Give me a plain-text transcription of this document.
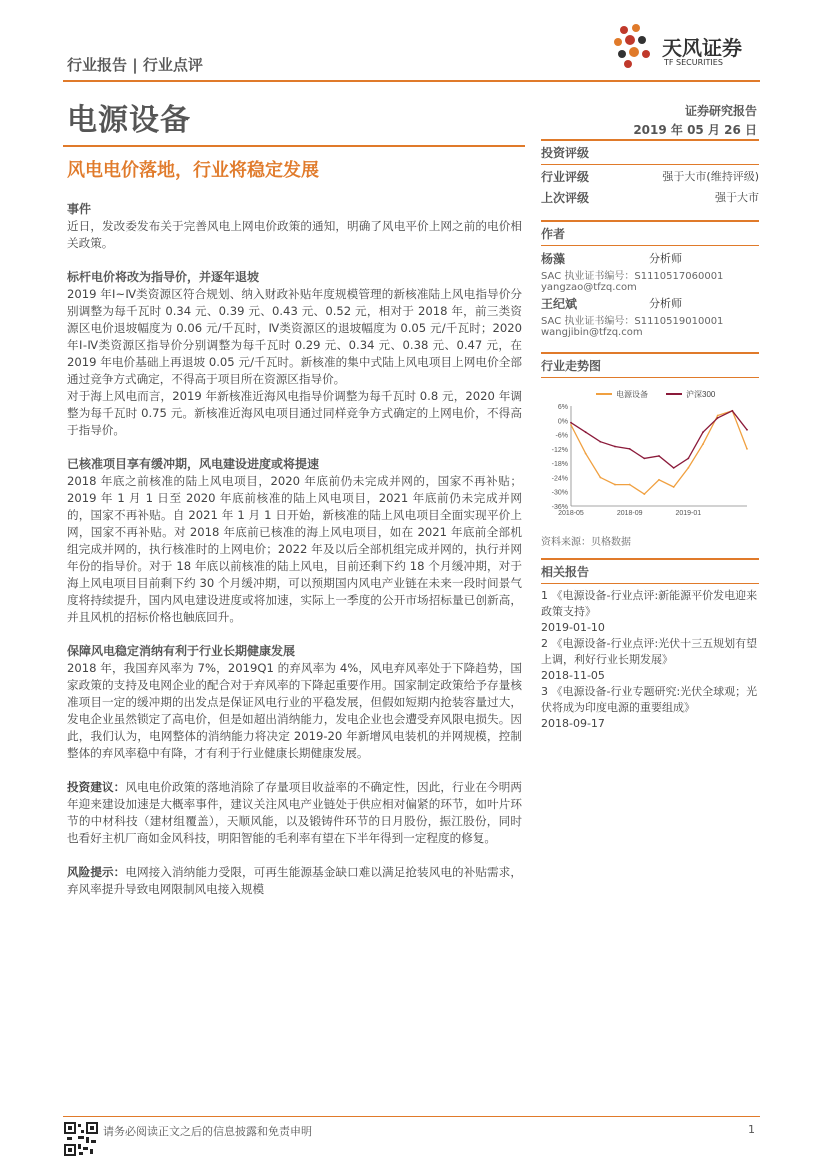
行业报告 | 行业点评
天风证券
TF SECURITIES
电源设备	证券研究报告
2019 年 05 月 26 日
风电电价落地，行业将稳定发展
事件

近日，发改委发布关于完善风电上网电价政策的通知，明确了风电平价上网之前的电价相关政策。

标杆电价将改为指导价，并逐年退坡

2019 年Ⅰ~Ⅳ类资源区符合规划、纳入财政补贴年度规模管理的新核准陆上风电指导价分别调整为每千瓦时 0.34 元、0.39 元、0.43 元、0.52 元，相对于 2018 年，前三类资源区电价退坡幅度为 0.06 元/千瓦时，Ⅳ类资源区的退坡幅度为 0.05 元/千瓦时；2020 年Ⅰ-Ⅳ类资源区指导价分别调整为每千瓦时 0.29 元、0.34 元、0.38 元、0.47 元，在 2019 年电价基础上再退坡 0.05 元/千瓦时。新核准的集中式陆上风电项目上网电价全部通过竞争方式确定，不得高于项目所在资源区指导价。

对于海上风电而言，2019 年新核准近海风电指导价调整为每千瓦时 0.8 元，2020 年调整为每千瓦时 0.75 元。新核准近海风电项目通过同样竞争方式确定的上网电价，不得高于指导价。

已核准项目享有缓冲期，风电建设进度或将提速

2018 年底之前核准的陆上风电项目，2020 年底前仍未完成并网的，国家不再补贴；2019 年 1 月 1 日至 2020 年底前核准的陆上风电项目，2021 年底前仍未完成并网的，国家不再补贴。自 2021 年 1 月 1 日开始，新核准的陆上风电项目全面实现平价上网，国家不再补贴。对 2018 年底前已核准的海上风电项目，如在 2021 年底前全部机组完成并网的，执行核准时的上网电价；2022 年及以后全部机组完成并网的，执行并网年份的指导价。对于 18 年底以前核准的陆上风电，目前还剩下约 18 个月缓冲期，对于海上风电项目目前剩下约 30 个月缓冲期，可以预期国内风电产业链在未来一段时间景气度将持续提升，国内风电建设进度或将加速，实际上一季度的公开市场招标量已创新高，并且风机的招标价格也触底回升。

保障风电稳定消纳有利于行业长期健康发展

2018 年，我国弃风率为 7%，2019Q1 的弃风率为 4%，风电弃风率处于下降趋势，国家政策的支持及电网企业的配合对于弃风率的下降起重要作用。国家制定政策给予存量核准项目一定的缓冲期的出发点是保证风电行业的平稳发展，但假如短期内抢装容量过大，发电企业虽然锁定了高电价，但是如超出消纳能力，发电企业也会遭受弃风限电损失。因此，我们认为，电网整体的消纳能力将决定 2019-20 年新增风电装机的并网规模，控制整体的弃风率稳中有降，才有利于行业健康长期健康发展。

投资建议：风电电价政策的落地消除了存量项目收益率的不确定性，因此，行业在今明两年迎来建设加速是大概率事件，建议关注风电产业链处于供应相对偏紧的环节，如叶片环节的中材科技（建材组覆盖），天顺风能，以及锻铸件环节的日月股份，振江股份，同时也看好主机厂商如金风科技，明阳智能的毛利率有望在下半年得到一定程度的修复。

风险提示：电网接入消纳能力受限，可再生能源基金缺口难以满足抢装风电的补贴需求，弃风率提升导致电网限制风电接入规模

投资评级
行业评级	强于大市(维持评级)
上次评级	强于大市
作者
杨藻	分析师
SAC 执业证书编号：S1110517060001
yangzao@tfzq.com
王纪斌	分析师
SAC 执业证书编号：S1110519010001
wangjibin@tfzq.com
行业走势图
6%
0%
-6%
-12%
-18%
-24%
-30%
-36%
2018-05	2018-09	2019-01
电源设备	沪深300
资料来源：贝格数据
相关报告
1 《电源设备-行业点评:新能源平价发电迎来政策支持》
2019-01-10
2 《电源设备-行业点评:光伏十三五规划有望上调，利好行业长期发展》
2018-11-05
3 《电源设备-行业专题研究:光伏全球观；光伏将成为印度电源的重要组成》
2018-09-17
请务必阅读正文之后的信息披露和免责申明	1
